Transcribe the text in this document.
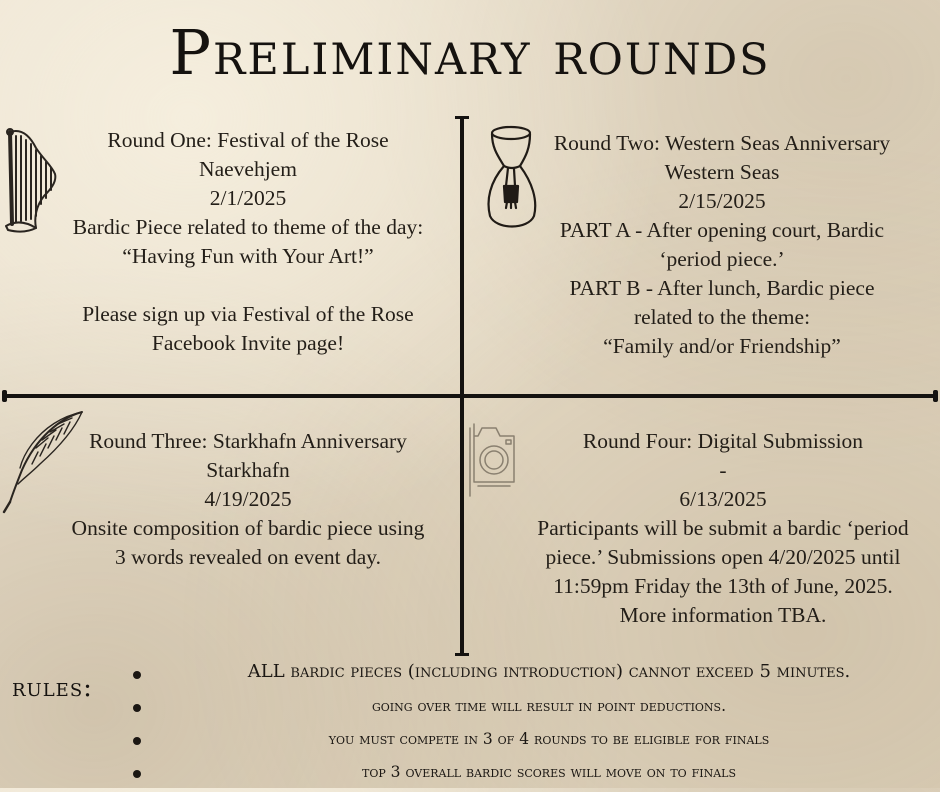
Preliminary rounds
Round One: Festival of the Rose
Naevehjem
2/1/2025
Bardic Piece related to theme of the day:
“Having Fun with Your Art!”
Please sign up via Festival of the Rose
Facebook Invite page!
Round Two: Western Seas Anniversary
Western Seas
2/15/2025
PART A - After opening court, Bardic
‘period piece.’
PART B - After lunch, Bardic piece
related to the theme:
“Family and/or Friendship”
Round Three: Starkhafn Anniversary
Starkhafn
4/19/2025
Onsite composition of bardic piece using
3 words revealed on event day.
Round Four: Digital Submission
-
6/13/2025
Participants will be submit a bardic ‘period
piece.’ Submissions open 4/20/2025 until
11:59pm Friday the 13th of June, 2025.
More information TBA.
rules:
ALL bardic pieces (including introduction) cannot exceed 5 minutes.
going over time will result in point deductions.
you must compete in 3 of 4 rounds to be eligible for finals
top 3 overall bardic scores will move on to finals
